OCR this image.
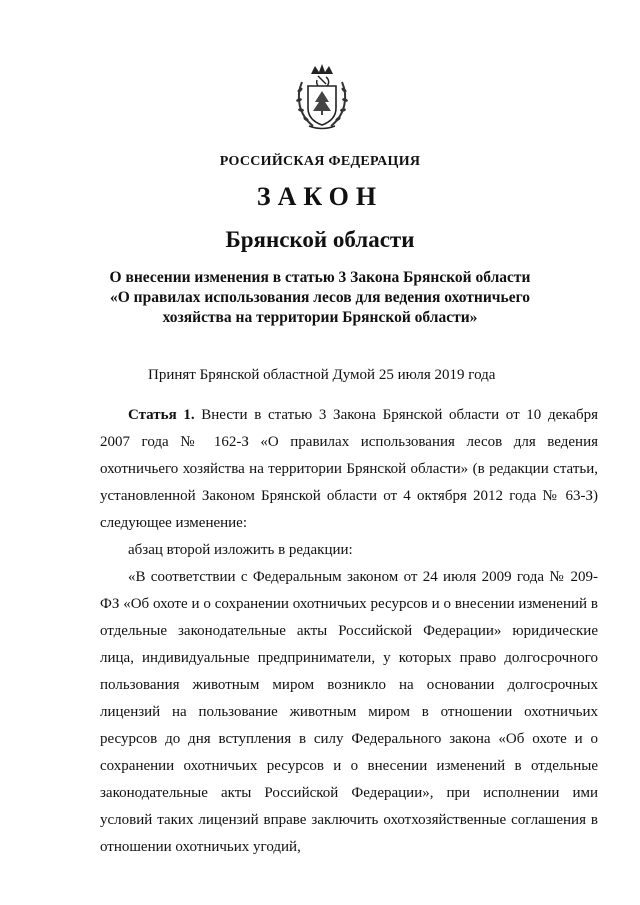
РОССИЙСКАЯ ФЕДЕРАЦИЯ
ЗАКОН
Брянской области
О внесении изменения в статью 3 Закона Брянской области
«О правилах использования лесов для ведения охотничьего
хозяйства на территории Брянской области»
Принят Брянской областной Думой 25 июля 2019 года

Статья 1. Внести в статью 3 Закона Брянской области от 10 декабря 2007 года № 162-З «О правилах использования лесов для ведения охотничьего хозяйства на территории Брянской области» (в редакции статьи, установленной Законом Брянской области от 4 октября 2012 года № 63-З) следующее изменение:

абзац второй изложить в редакции:

«В соответствии с Федеральным законом от 24 июля 2009 года № 209-ФЗ «Об охоте и о сохранении охотничьих ресурсов и о внесении изменений в отдельные законодательные акты Российской Федерации» юридические лица, индивидуальные предприниматели, у которых право долгосрочного пользования животным миром возникло на основании долгосрочных лицензий на пользование животным миром в отношении охотничьих ресурсов до дня вступления в силу Федерального закона «Об охоте и о сохранении охотничьих ресурсов и о внесении изменений в отдельные законодательные акты Российской Федерации», при исполнении ими условий таких лицензий вправе заключить охотхозяйственные соглашения в отношении охотничьих угодий,
